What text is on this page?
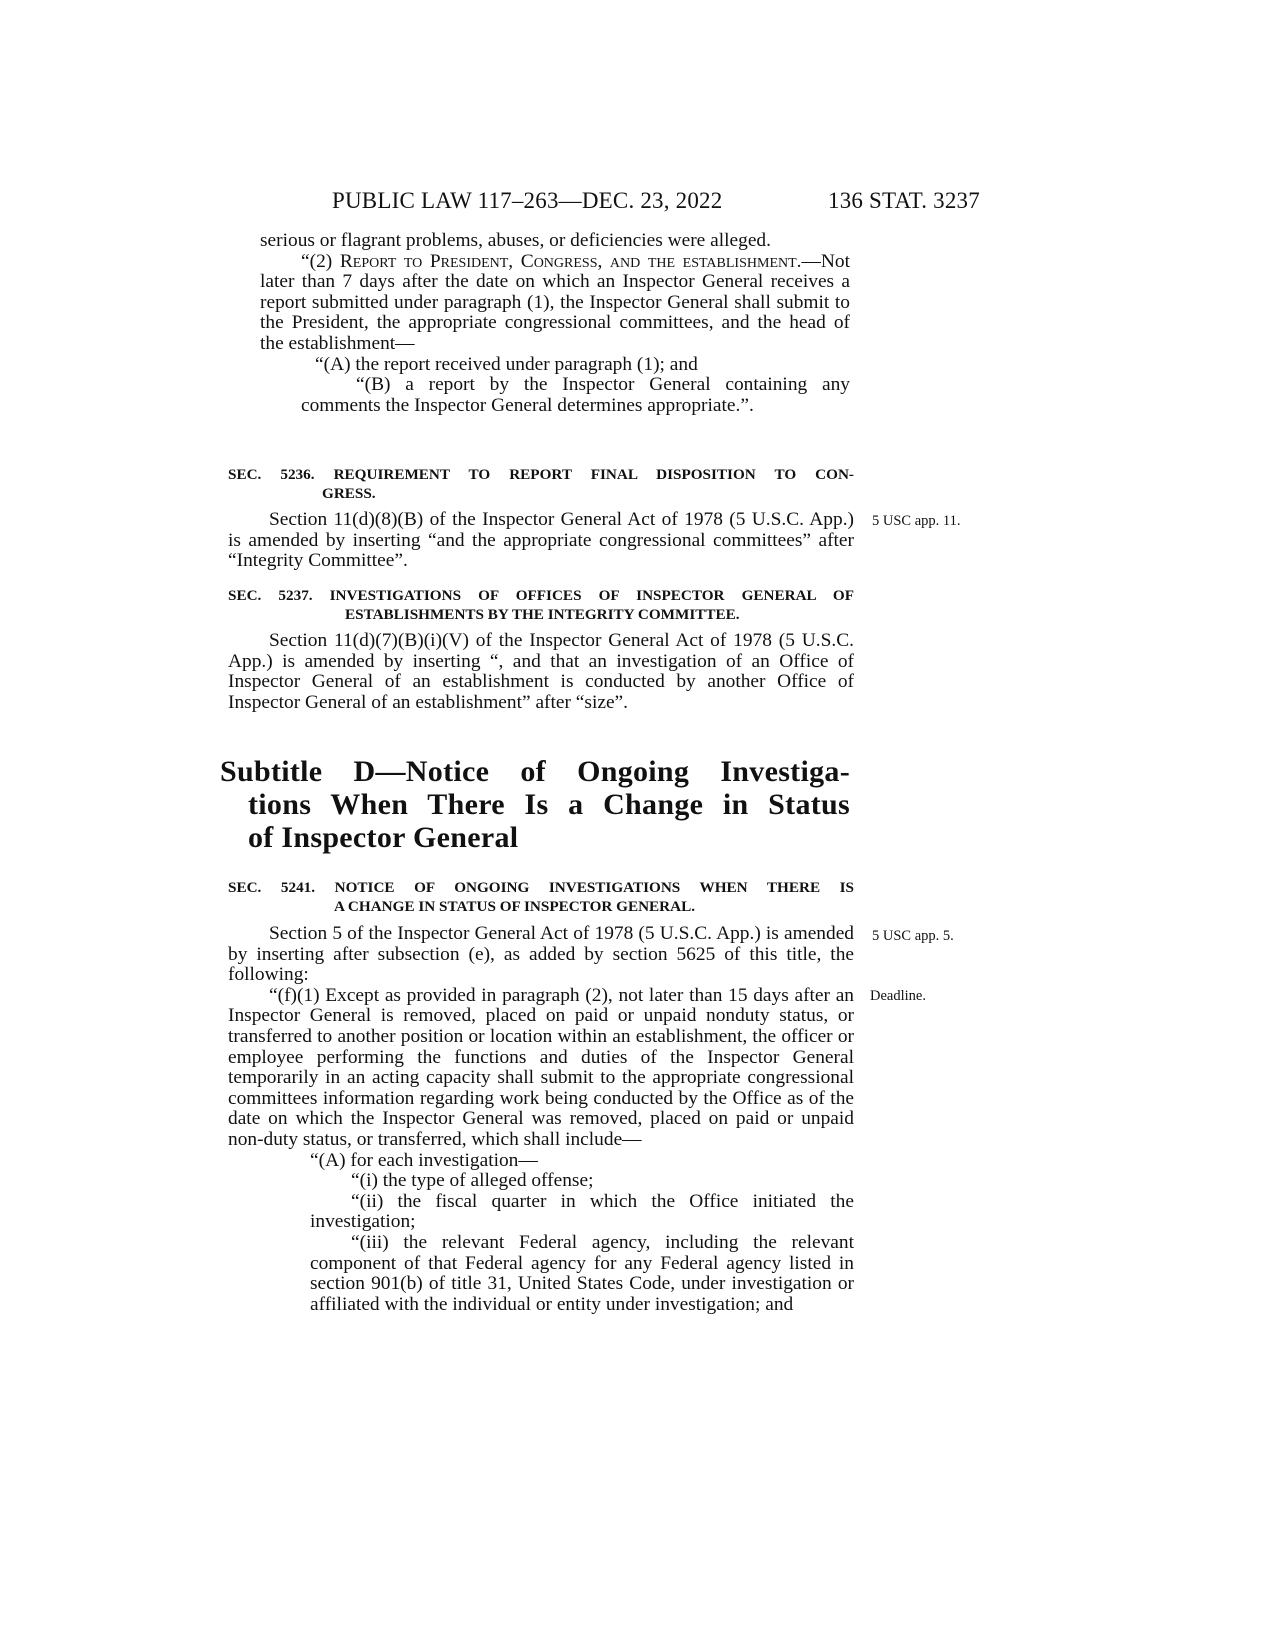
PUBLIC LAW 117–263—DEC. 23, 2022	136 STAT. 3237

serious or flagrant problems, abuses, or deficiencies were alleged.

“(2) Report to President, Congress, and the establishment.—Not later than 7 days after the date on which an Inspector General receives a report submitted under paragraph (1), the Inspector General shall submit to the President, the appropriate congressional committees, and the head of the establishment—

“(A) the report received under paragraph (1); and

“(B) a report by the Inspector General containing any comments the Inspector General determines appropriate.”.

SEC. 5236. REQUIREMENT TO REPORT FINAL DISPOSITION TO CON-

GRESS.

Section 11(d)(8)(B) of the Inspector General Act of 1978 (5 U.S.C. App.) is amended by inserting “and the appropriate congressional committees” after “Integrity Committee”.

5 USC app. 11.

SEC. 5237. INVESTIGATIONS OF OFFICES OF INSPECTOR GENERAL OF

ESTABLISHMENTS BY THE INTEGRITY COMMITTEE.

Section 11(d)(7)(B)(i)(V) of the Inspector General Act of 1978 (5 U.S.C. App.) is amended by inserting “, and that an investigation of an Office of Inspector General of an establishment is conducted by another Office of Inspector General of an establishment” after “size”.

Subtitle D—Notice of Ongoing Investiga-
tions When There Is a Change in Status
of Inspector General

SEC. 5241. NOTICE OF ONGOING INVESTIGATIONS WHEN THERE IS

A CHANGE IN STATUS OF INSPECTOR GENERAL.

Section 5 of the Inspector General Act of 1978 (5 U.S.C. App.) is amended by inserting after subsection (e), as added by section 5625 of this title, the following:

“(f)(1) Except as provided in paragraph (2), not later than 15 days after an Inspector General is removed, placed on paid or unpaid nonduty status, or transferred to another position or location within an establishment, the officer or employee performing the functions and duties of the Inspector General temporarily in an acting capacity shall submit to the appropriate congressional committees information regarding work being conducted by the Office as of the date on which the Inspector General was removed, placed on paid or unpaid non-duty status, or transferred, which shall include—

“(A) for each investigation—

“(i) the type of alleged offense;

“(ii) the fiscal quarter in which the Office initiated the investigation;

“(iii) the relevant Federal agency, including the relevant component of that Federal agency for any Federal agency listed in section 901(b) of title 31, United States Code, under investigation or affiliated with the individual or entity under investigation; and

5 USC app. 5.
Deadline.
